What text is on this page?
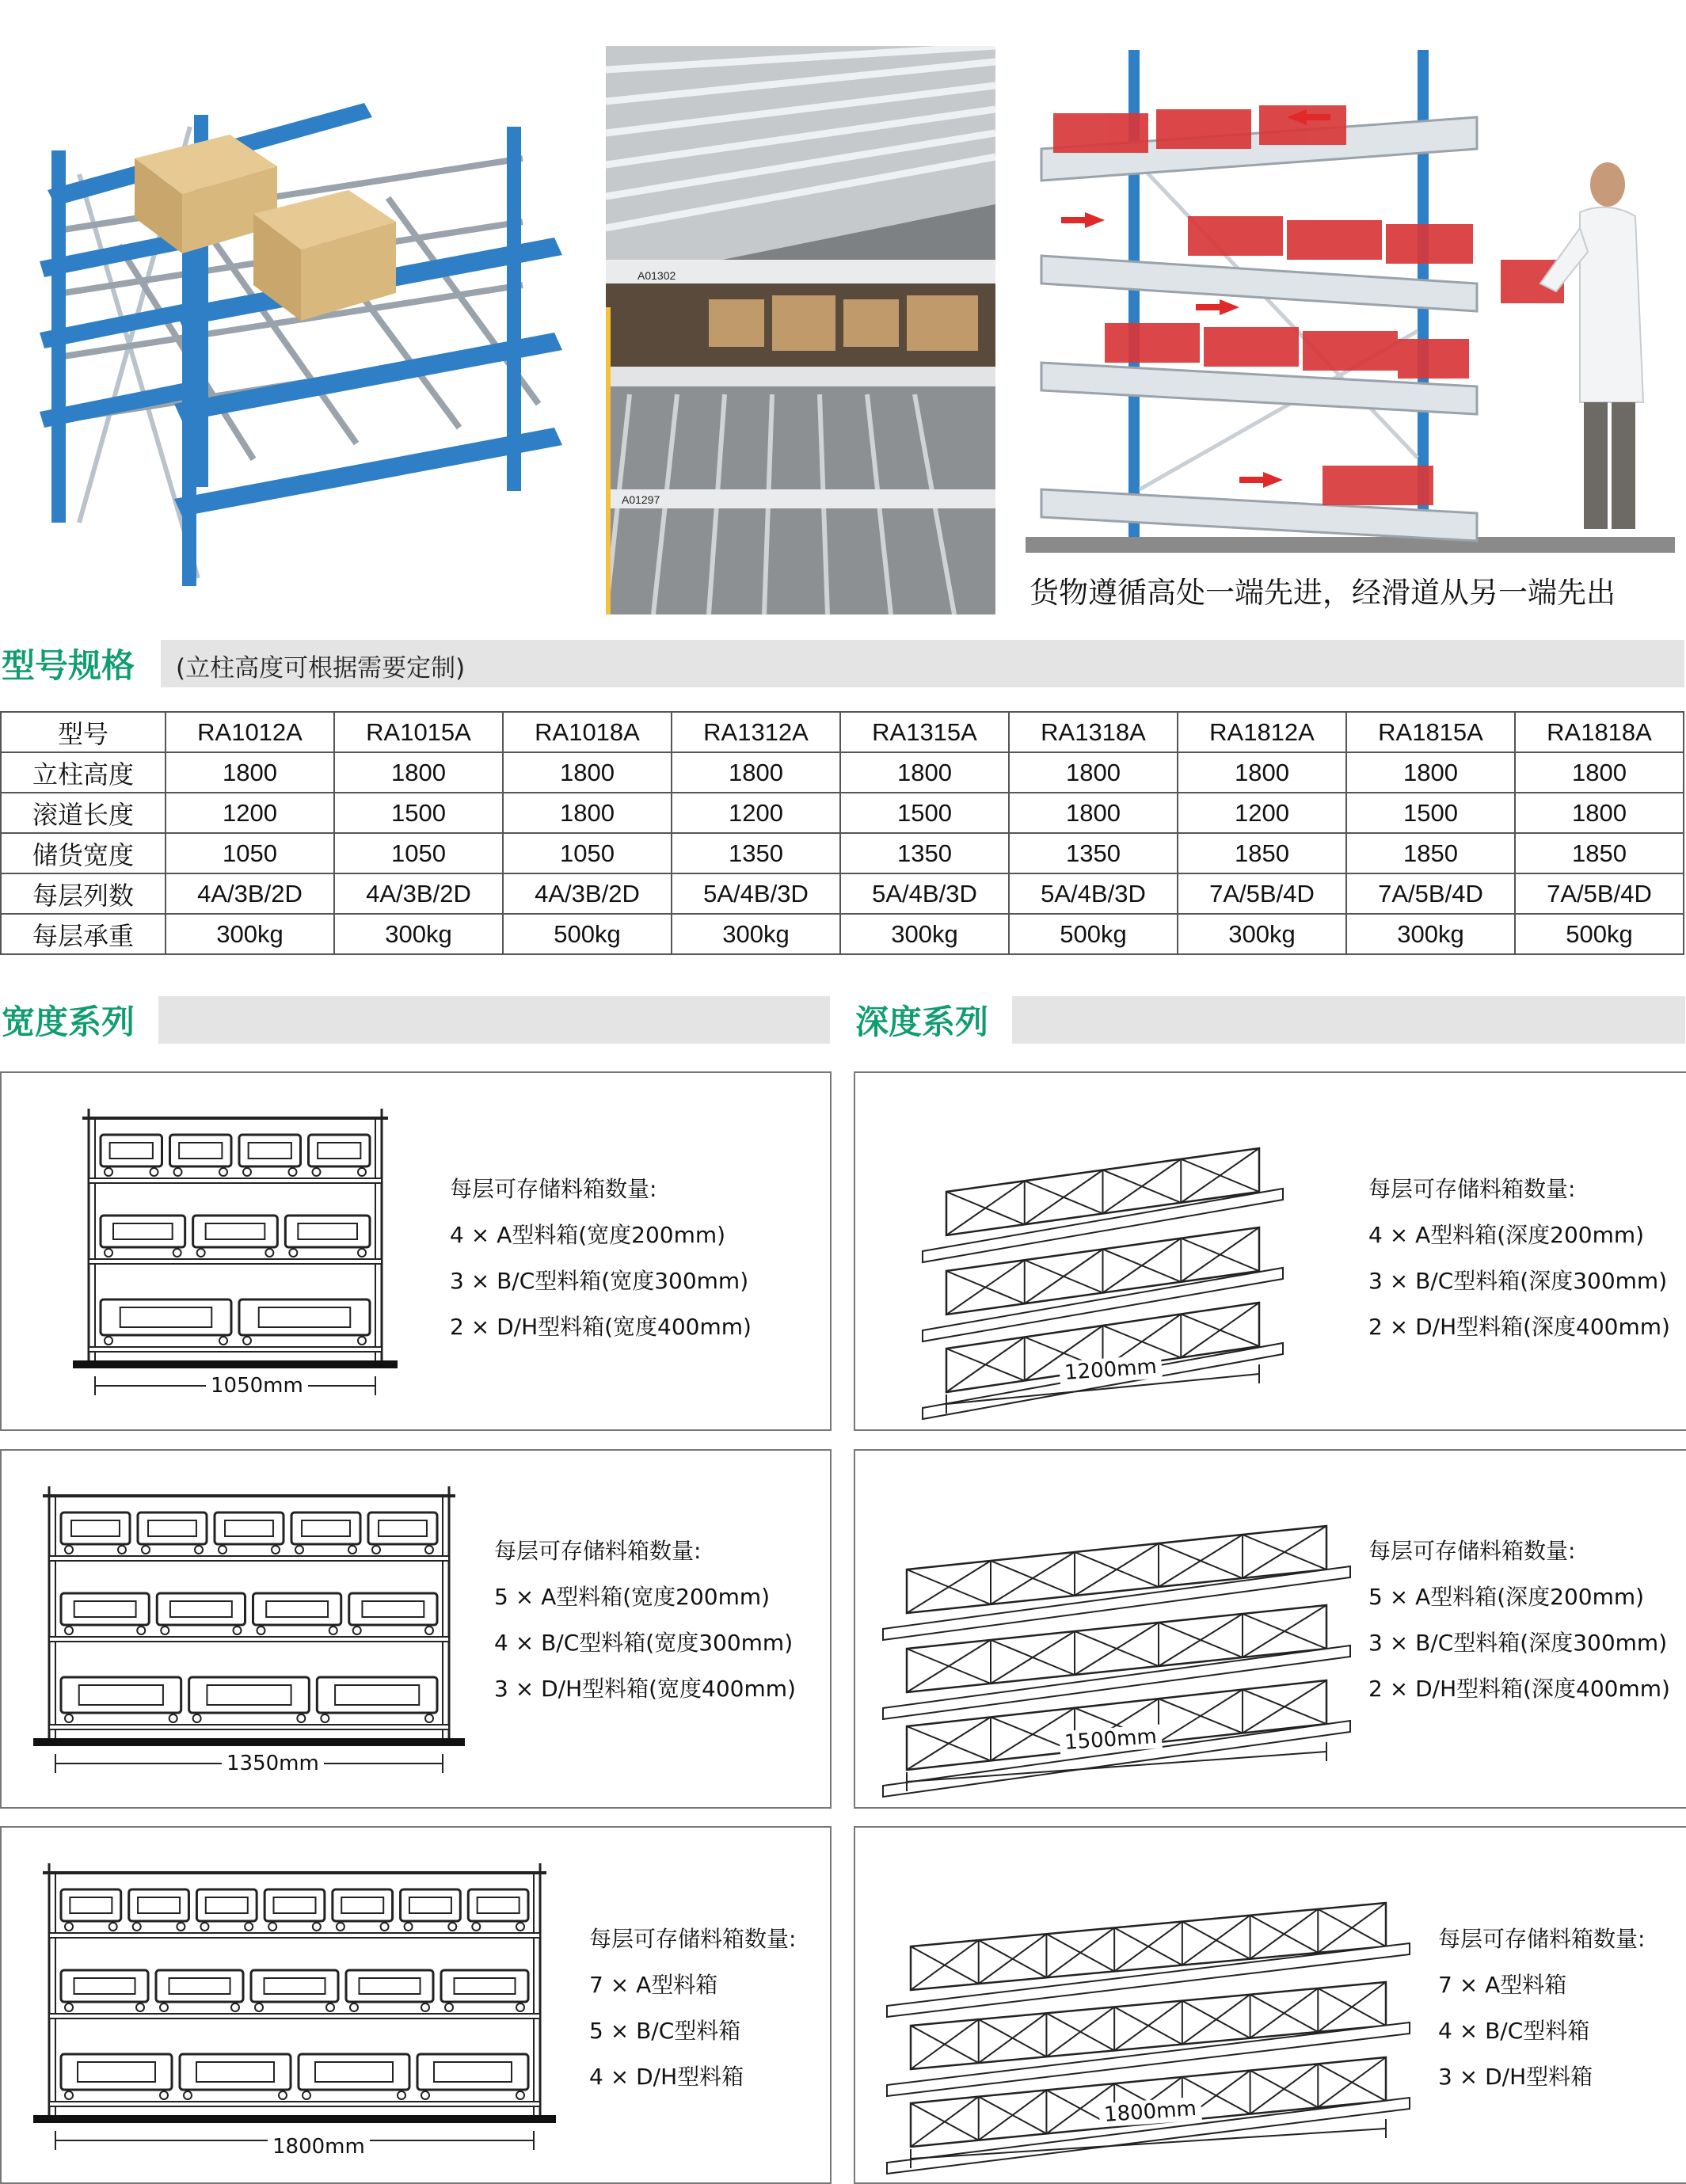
A01302
A01297
货物遵循高处一端先进，经滑道从另一端先出
型号规格 (立柱高度可根据需要定制)
型号	RA1012A	RA1015A	RA1018A	RA1312A	RA1315A	RA1318A	RA1812A	RA1815A	RA1818A
立柱高度	1800	1800	1800	1800	1800	1800	1800	1800	1800
滚道长度	1200	1500	1800	1200	1500	1800	1200	1500	1800
储货宽度	1050	1050	1050	1350	1350	1350	1850	1850	1850
每层列数	4A/3B/2D	4A/3B/2D	4A/3B/2D	5A/4B/3D	5A/4B/3D	5A/4B/3D	7A/5B/4D	7A/5B/4D	7A/5B/4D
每层承重	300kg	300kg	500kg	300kg	300kg	500kg	300kg	300kg	500kg
宽度系列	深度系列
每层可存储料箱数量:
4 × A型料箱(宽度200mm)
3 × B/C型料箱(宽度300mm)
2 × D/H型料箱(宽度400mm)
1050mm
每层可存储料箱数量:
5 × A型料箱(宽度200mm)
4 × B/C型料箱(宽度300mm)
3 × D/H型料箱(宽度400mm)
1350mm
每层可存储料箱数量:
7 × A型料箱
5 × B/C型料箱
4 × D/H型料箱
1800mm
每层可存储料箱数量:
4 × A型料箱(深度200mm)
3 × B/C型料箱(深度300mm)
2 × D/H型料箱(深度400mm)
1200mm
每层可存储料箱数量:
5 × A型料箱(深度200mm)
3 × B/C型料箱(深度300mm)
2 × D/H型料箱(深度400mm)
1500mm
每层可存储料箱数量:
7 × A型料箱
4 × B/C型料箱
3 × D/H型料箱
1800mm
